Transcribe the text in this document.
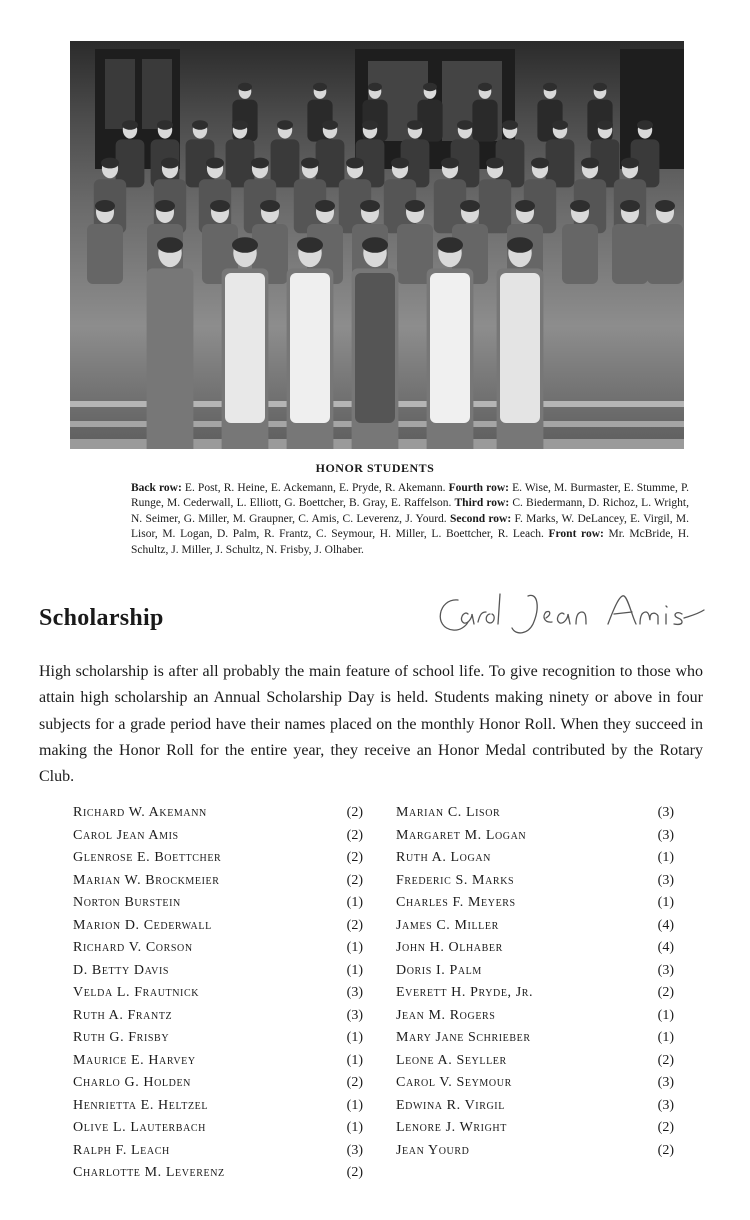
HONOR STUDENTS
Back row: E. Post, R. Heine, E. Ackemann, E. Pryde, R. Akemann. Fourth row: E. Wise, M. Burmaster, E. Stumme, P. Runge, M. Cederwall, L. Elliott, G. Boettcher, B. Gray, E. Raffelson. Third row: C. Biedermann, D. Richoz, L. Wright, N. Seimer, G. Miller, M. Graupner, C. Amis, C. Leverenz, J. Yourd. Second row: F. Marks, W. DeLancey, E. Virgil, M. Lisor, M. Logan, D. Palm, R. Frantz, C. Seymour, H. Miller, L. Boettcher, R. Leach. Front row: Mr. McBride, H. Schultz, J. Miller, J. Schultz, N. Frisby, J. Olhaber.
Scholarship
High scholarship is after all probably the main feature of school life. To give recognition to those who attain high scholarship an Annual Scholarship Day is held. Students making ninety or above in four subjects for a grade period have their names placed on the monthly Honor Roll. When they succeed in making the Honor Roll for the entire year, they receive an Honor Medal contributed by the Rotary Club.
Richard W. Akemann	(2)
Carol Jean Amis	(2)
Glenrose E. Boettcher	(2)
Marian W. Brockmeier	(2)
Norton Burstein	(1)
Marion D. Cederwall	(2)
Richard V. Corson	(1)
D. Betty Davis	(1)
Velda L. Frautnick	(3)
Ruth A. Frantz	(3)
Ruth G. Frisby	(1)
Maurice E. Harvey	(1)
Charlo G. Holden	(2)
Henrietta E. Heltzel	(1)
Olive L. Lauterbach	(1)
Ralph F. Leach	(3)
Charlotte M. Leverenz	(2)
Marian C. Lisor	(3)
Margaret M. Logan	(3)
Ruth A. Logan	(1)
Frederic S. Marks	(3)
Charles F. Meyers	(1)
James C. Miller	(4)
John H. Olhaber	(4)
Doris I. Palm	(3)
Everett H. Pryde, Jr.	(2)
Jean M. Rogers	(1)
Mary Jane Schrieber	(1)
Leone A. Seyller	(2)
Carol V. Seymour	(3)
Edwina R. Virgil	(3)
Lenore J. Wright	(2)
Jean Yourd	(2)
